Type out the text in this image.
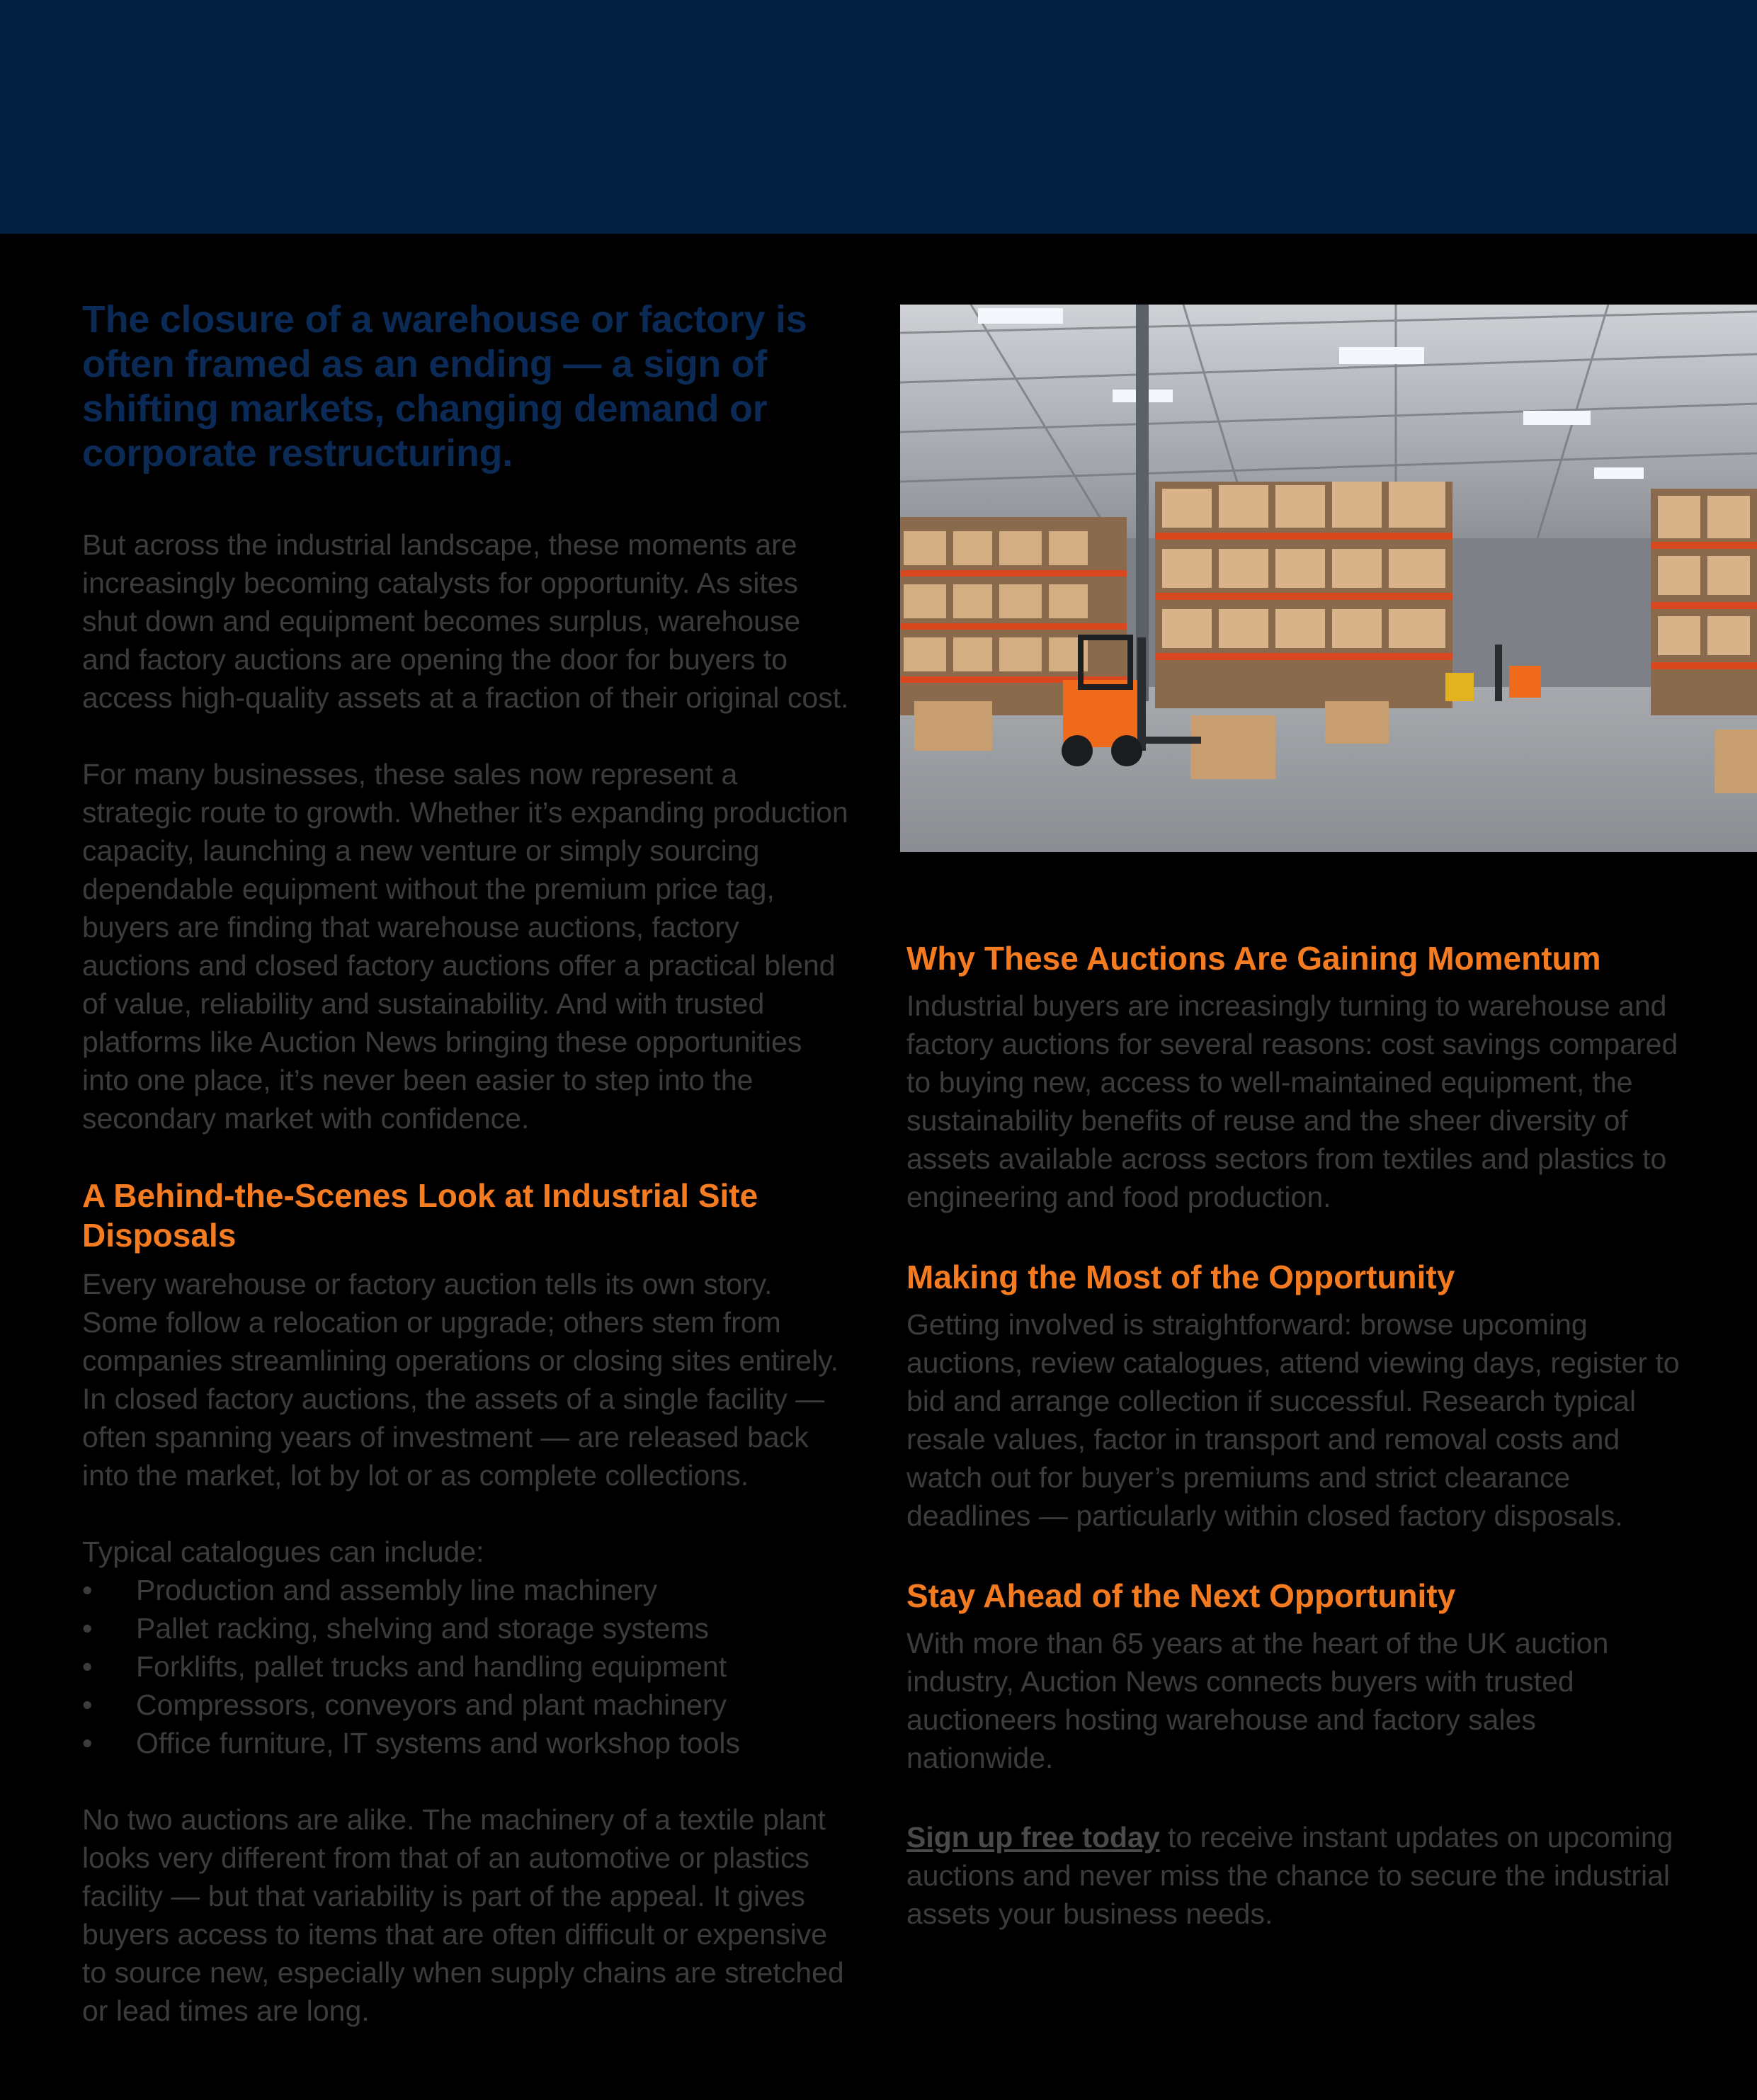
The closure of a warehouse or factory is often framed as an ending — a sign of shifting markets, changing demand or corporate restructuring.

But across the industrial landscape, these moments are increasingly becoming catalysts for opportunity. As sites shut down and equipment becomes surplus, warehouse and factory auctions are opening the door for buyers to access high-quality assets at a fraction of their original cost.

For many businesses, these sales now represent a strategic route to growth. Whether it’s expanding production capacity, launching a new venture or simply sourcing dependable equipment without the premium price tag, buyers are finding that warehouse auctions, factory auctions and closed factory auctions offer a practical blend of value, reliability and sustainability. And with trusted platforms like Auction News bringing these opportunities into one place, it’s never been easier to step into the secondary market with confidence.

A Behind-the-Scenes Look at Industrial Site Disposals

Every warehouse or factory auction tells its own story. Some follow a relocation or upgrade; others stem from companies streamlining operations or closing sites entirely. In closed factory auctions, the assets of a single facility — often spanning years of investment — are released back into the market, lot by lot or as complete collections.

Typical catalogues can include:

•	Production and assembly line machinery
•	Pallet racking, shelving and storage systems
•	Forklifts, pallet trucks and handling equipment
•	Compressors, conveyors and plant machinery
•	Office furniture, IT systems and workshop tools

No two auctions are alike. The machinery of a textile plant looks very different from that of an automotive or plastics facility — but that variability is part of the appeal. It gives buyers access to items that are often difficult or expensive to source new, especially when supply chains are stretched or lead times are long.

Why These Auctions Are Gaining Momentum

Industrial buyers are increasingly turning to warehouse and factory auctions for several reasons: cost savings compared to buying new, access to well-maintained equipment, the sustainability benefits of reuse and the sheer diversity of assets available across sectors from textiles and plastics to engineering and food production.

Making the Most of the Opportunity

Getting involved is straightforward: browse upcoming auctions, review catalogues, attend viewing days, register to bid and arrange collection if successful. Research typical resale values, factor in transport and removal costs and watch out for buyer’s premiums and strict clearance deadlines — particularly within closed factory disposals.

Stay Ahead of the Next Opportunity

With more than 65 years at the heart of the UK auction industry, Auction News connects buyers with trusted auctioneers hosting warehouse and factory sales nationwide.

Sign up free today to receive instant updates on upcoming auctions and never miss the chance to secure the industrial assets your business needs.
